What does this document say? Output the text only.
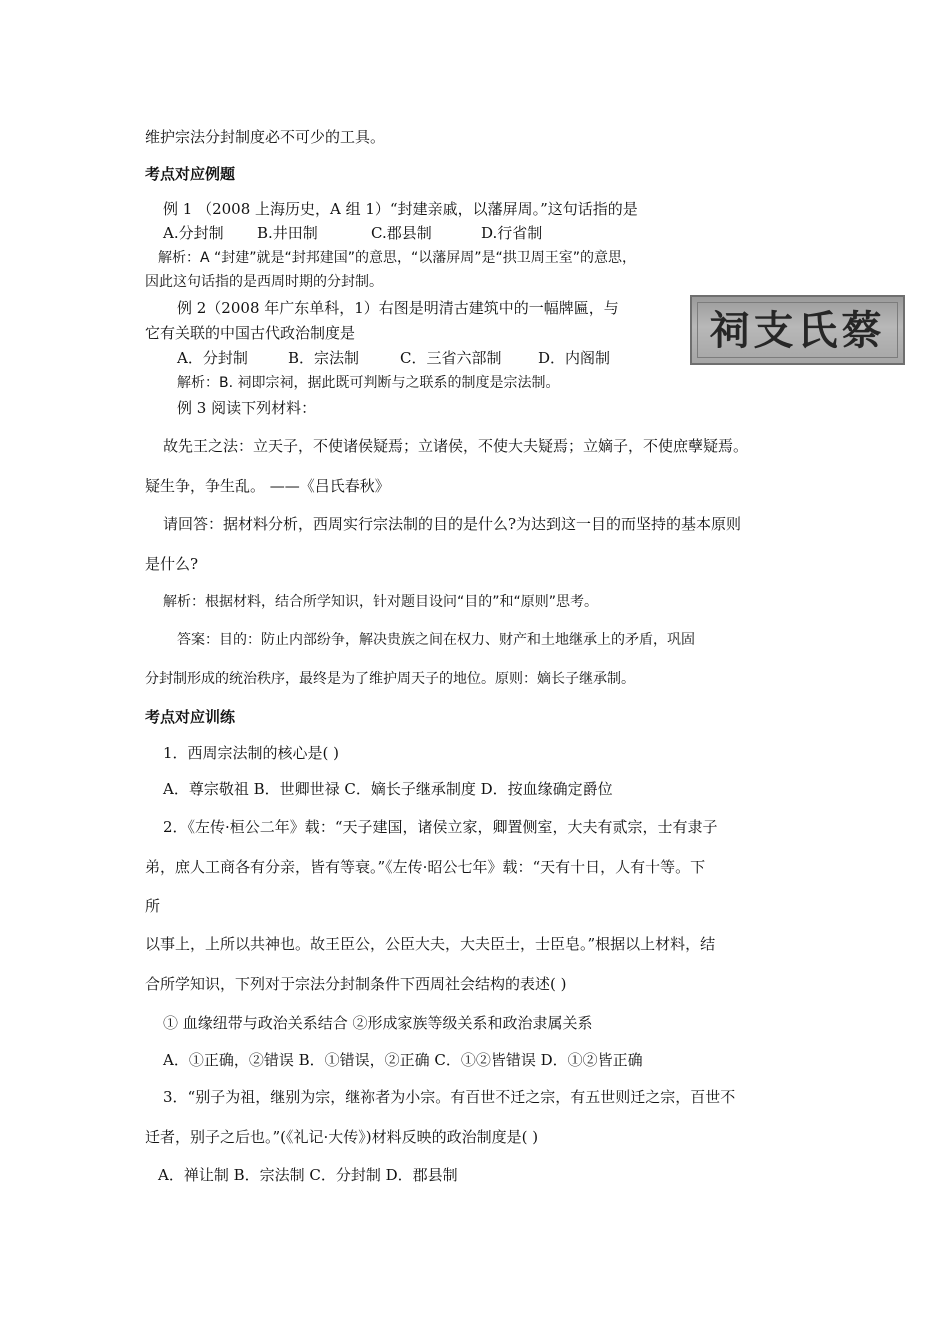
维护宗法分封制度必不可少的工具。
考点对应例题
例 1 （2008 上海历史，A 组 1）“封建亲戚，以藩屏周。”这句话指的是
A.分封制 B.井田制	C.郡县制	D.行省制
解析：A “封建”就是“封邦建国”的意思，“以藩屏周”是“拱卫周王室”的意思，
因此这句话指的是西周时期的分封制。
例 2（2008 年广东单科，1）右图是明清古建筑中的一幅牌匾，与
它有关联的中国古代政治制度是	祠支氏蔡
A．分封制	B．宗法制	C．三省六部制 D．内阁制
解析：B. 祠即宗祠，据此既可判断与之联系的制度是宗法制。
例 3 阅读下列材料：
故先王之法：立天子，不使诸侯疑焉；立诸侯，不使大夫疑焉；立嫡子，不使庶孽疑焉。
疑生争，争生乱。 ——《吕氏春秋》
请回答：据材料分析，西周实行宗法制的目的是什么?为达到这一目的而坚持的基本原则
是什么?
解析：根据材料，结合所学知识，针对题目设问“目的”和“原则”思考。
答案：目的：防止内部纷争，解决贵族之间在权力、财产和土地继承上的矛盾，巩固
分封制形成的统治秩序，最终是为了维护周天子的地位。原则：嫡长子继承制。
考点对应训练
1．西周宗法制的核心是( )
A．尊宗敬祖 B．世卿世禄 C．嫡长子继承制度 D．按血缘确定爵位
2．《左传·桓公二年》载：“天子建国，诸侯立家，卿置侧室，大夫有贰宗，士有隶子
弟，庶人工商各有分亲，皆有等衰。”《左传·昭公七年》载：“天有十日，人有十等。下
所
以事上，上所以共神也。故王臣公，公臣大夫，大夫臣士，士臣皂。”根据以上材料，结
合所学知识，下列对于宗法分封制条件下西周社会结构的表述( )
① 血缘纽带与政治关系结合 ②形成家族等级关系和政治隶属关系
A．①正确，②错误 B．①错误，②正确 C．①②皆错误 D．①②皆正确
3．“别子为祖，继别为宗，继祢者为小宗。有百世不迁之宗，有五世则迁之宗，百世不
迁者，别子之后也。”(《礼记·大传》)材料反映的政治制度是( )
A．禅让制 B．宗法制 C．分封制 D．郡县制
